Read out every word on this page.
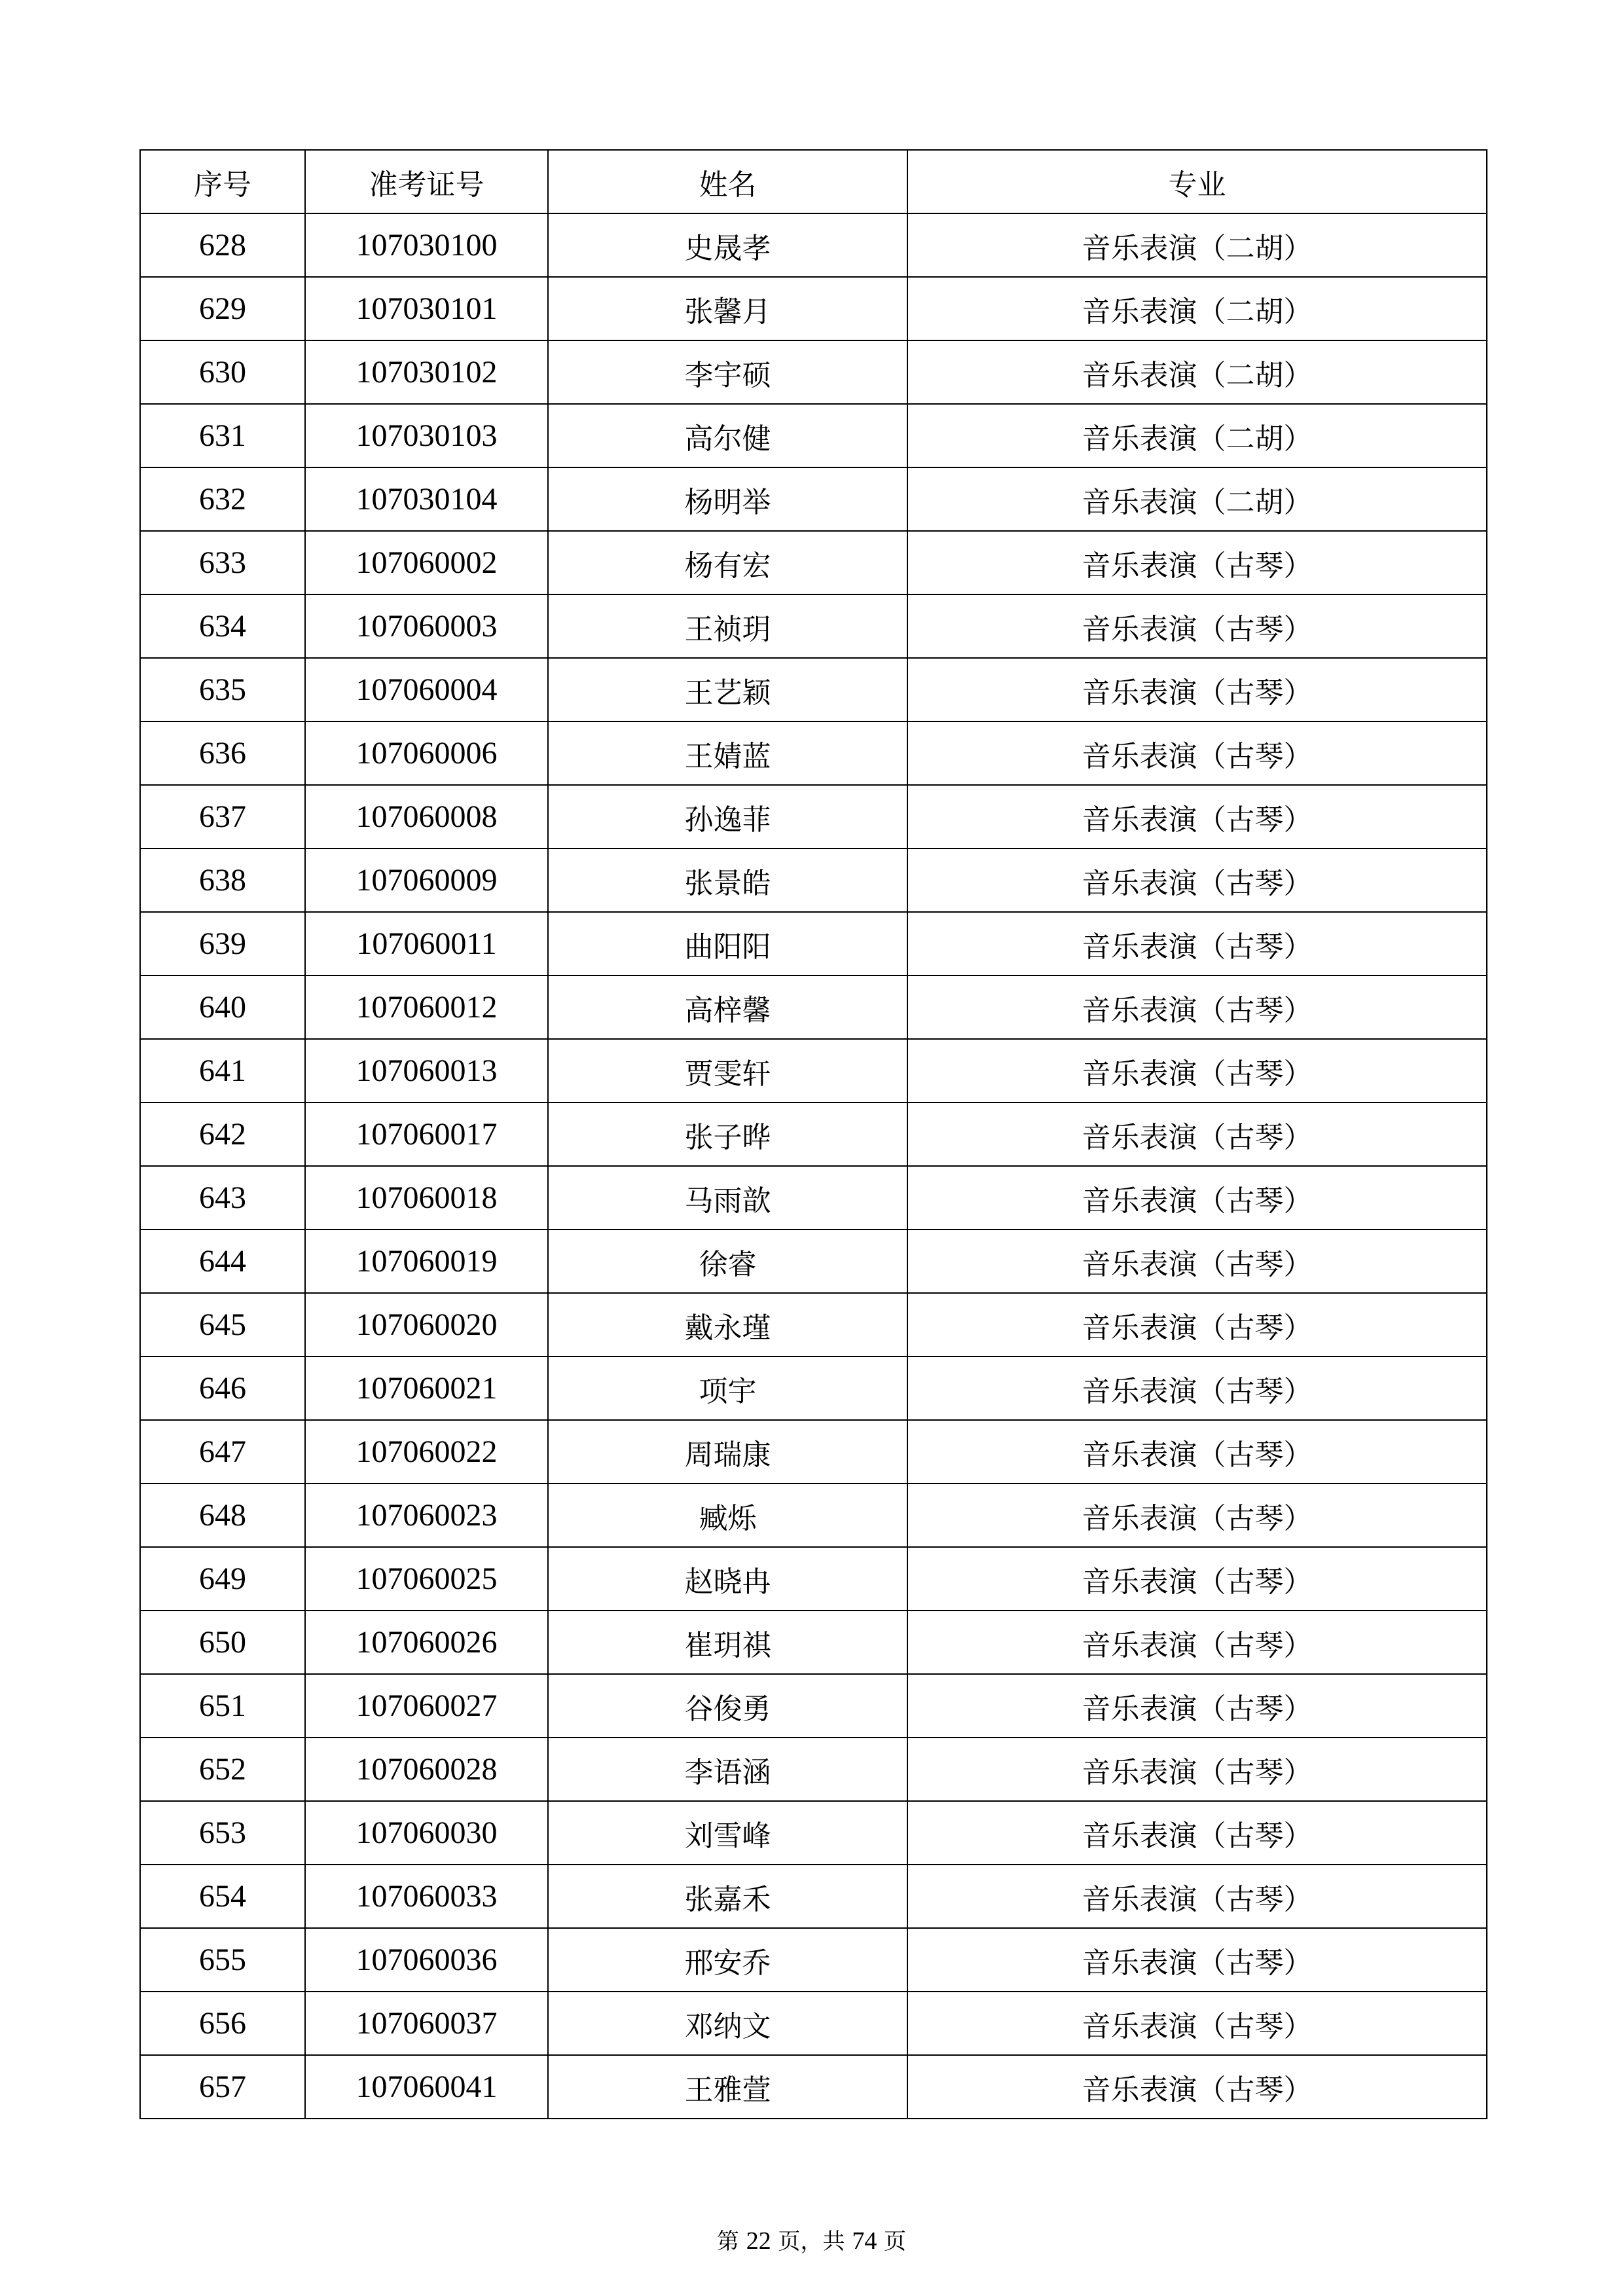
序号	准考证号	姓名	专业
628	107030100	史晟孝	音乐表演（二胡）
629	107030101	张馨月	音乐表演（二胡）
630	107030102	李宇硕	音乐表演（二胡）
631	107030103	高尔健	音乐表演（二胡）
632	107030104	杨明举	音乐表演（二胡）
633	107060002	杨有宏	音乐表演（古琴）
634	107060003	王祯玥	音乐表演（古琴）
635	107060004	王艺颖	音乐表演（古琴）
636	107060006	王婧蓝	音乐表演（古琴）
637	107060008	孙逸菲	音乐表演（古琴）
638	107060009	张景皓	音乐表演（古琴）
639	107060011	曲阳阳	音乐表演（古琴）
640	107060012	高梓馨	音乐表演（古琴）
641	107060013	贾雯轩	音乐表演（古琴）
642	107060017	张子晔	音乐表演（古琴）
643	107060018	马雨歆	音乐表演（古琴）
644	107060019	徐睿	音乐表演（古琴）
645	107060020	戴永瑾	音乐表演（古琴）
646	107060021	项宇	音乐表演（古琴）
647	107060022	周瑞康	音乐表演（古琴）
648	107060023	臧烁	音乐表演（古琴）
649	107060025	赵晓冉	音乐表演（古琴）
650	107060026	崔玥祺	音乐表演（古琴）
651	107060027	谷俊勇	音乐表演（古琴）
652	107060028	李语涵	音乐表演（古琴）
653	107060030	刘雪峰	音乐表演（古琴）
654	107060033	张嘉禾	音乐表演（古琴）
655	107060036	邢安乔	音乐表演（古琴）
656	107060037	邓纳文	音乐表演（古琴）
657	107060041	王雅萱	音乐表演（古琴）
第 22 页，共 74 页
